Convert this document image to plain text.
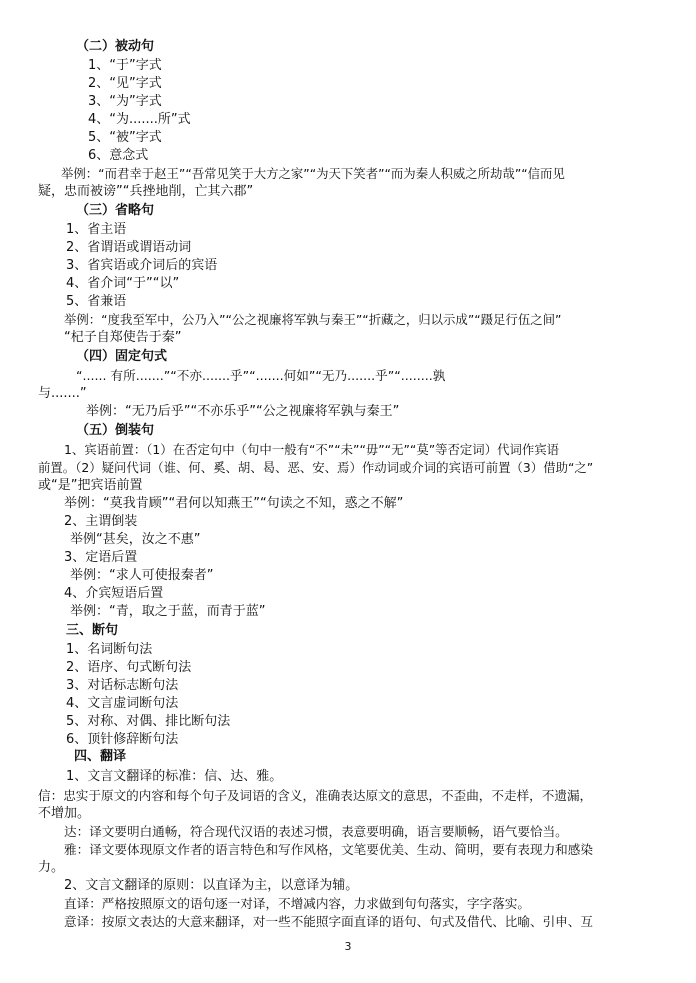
（二）被动句
1、“于”字式
2、“见”字式
3、“为”字式
4、“为.......所”式
5、“被”字式
6、意念式
举例：“而君幸于赵王”“吾常见笑于大方之家”“为天下笑者”“而为秦人积威之所劫哉”“信而见
疑，忠而被谤”“兵挫地削，亡其六郡”
（三）省略句
1、省主语
2、省谓语或谓语动词
3、省宾语或介词后的宾语
4、省介词“于”“以”
5、省兼语
举例：“度我至军中，公乃入”“公之视廉将军孰与秦王”“折藏之，归以示成”“蹑足行伍之间”
“杞子自郑使告于秦”
（四）固定句式
“...... 有所.......”“不亦.......乎”“.......何如”“无乃.......乎”“........孰
与.......”
举例：“无乃后乎”“不亦乐乎”“公之视廉将军孰与秦王”
（五）倒装句
1、宾语前置：（1）在否定句中（句中一般有“不”“未”“毋”“无”“莫”等否定词）代词作宾语
前置。（2）疑问代词（谁、何、奚、胡、曷、恶、安、焉）作动词或介词的宾语可前置（3）借助“之”
或“是”把宾语前置
举例：“莫我肯顾”“君何以知燕王”“句读之不知，惑之不解”
2、主谓倒装
举例“甚矣，汝之不惠”
3、定语后置
举例：“求人可使报秦者”
4、介宾短语后置
举例：“青，取之于蓝，而青于蓝”
三、断句
1、名词断句法
2、语序、句式断句法
3、对话标志断句法
4、文言虚词断句法
5、对称、对偶、排比断句法
6、顶针修辞断句法
四、翻译
1、文言文翻译的标准：信、达、雅。
信：忠实于原文的内容和每个句子及词语的含义，准确表达原文的意思，不歪曲，不走样，不遗漏，
不增加。
达：译文要明白通畅，符合现代汉语的表述习惯，表意要明确，语言要顺畅，语气要恰当。
雅：译文要体现原文作者的语言特色和写作风格，文笔要优美、生动、简明，要有表现力和感染
力。
2、文言文翻译的原则：以直译为主，以意译为辅。
直译：严格按照原文的语句逐一对译，不增减内容，力求做到句句落实，字字落实。
意译：按原文表达的大意来翻译，对一些不能照字面直译的语句、句式及借代、比喻、引申、互
3
